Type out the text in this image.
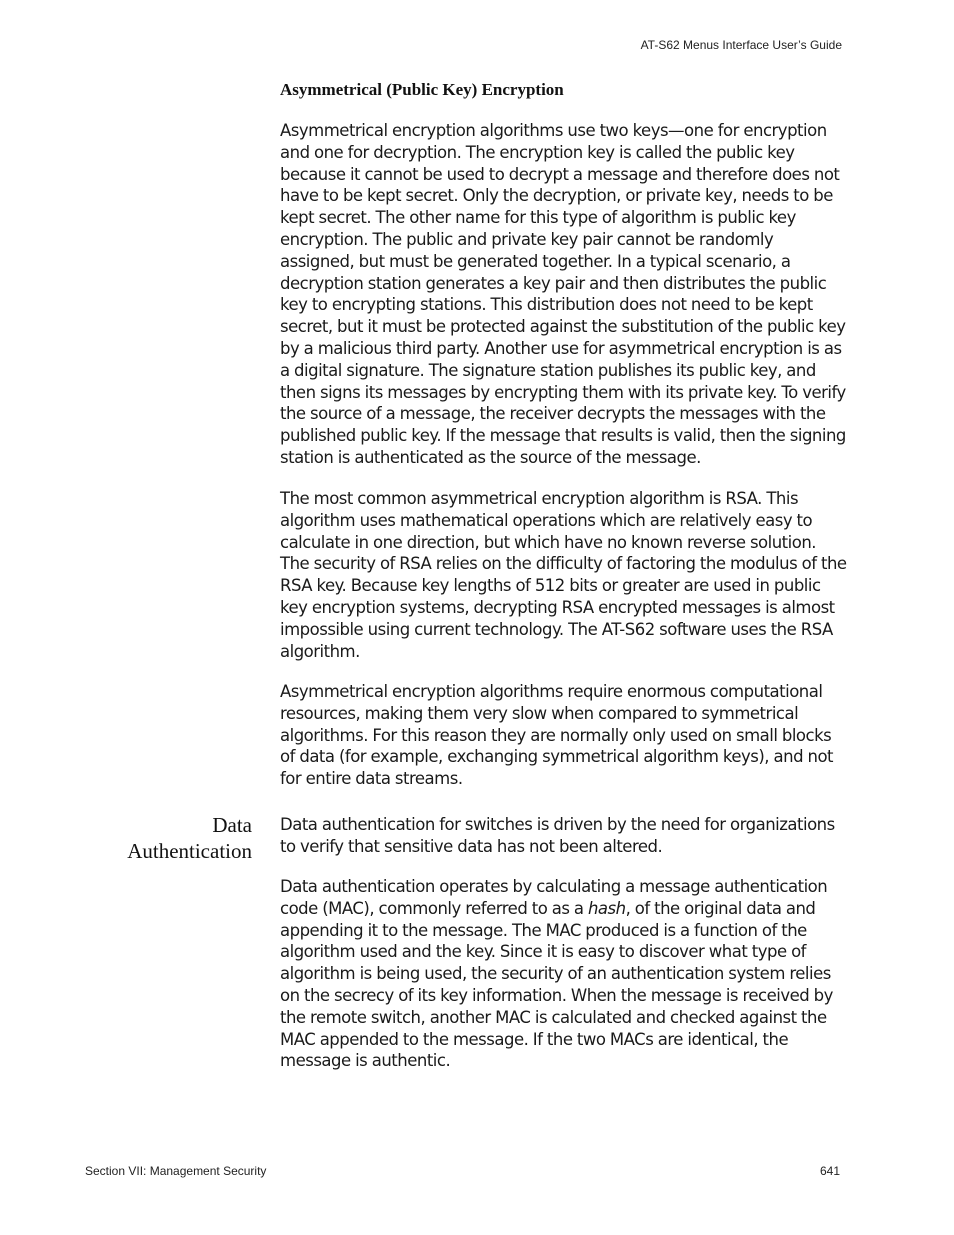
AT-S62 Menus Interface User’s Guide
Asymmetrical (Public Key) Encryption

Asymmetrical encryption algorithms use two keys—one for encryption and one for decryption. The encryption key is called the public key because it cannot be used to decrypt a message and therefore does not have to be kept secret. Only the decryption, or private key, needs to be kept secret. The other name for this type of algorithm is public key encryption. The public and private key pair cannot be randomly assigned, but must be generated together. In a typical scenario, a decryption station generates a key pair and then distributes the public key to encrypting stations. This distribution does not need to be kept secret, but it must be protected against the substitution of the public key by a malicious third party. Another use for asymmetrical encryption is as a digital signature. The signature station publishes its public key, and then signs its messages by encrypting them with its private key. To verify the source of a message, the receiver decrypts the messages with the published public key. If the message that results is valid, then the signing station is authenticated as the source of the message.

The most common asymmetrical encryption algorithm is RSA. This algorithm uses mathematical operations which are relatively easy to calculate in one direction, but which have no known reverse solution. The security of RSA relies on the difficulty of factoring the modulus of the RSA key. Because key lengths of 512 bits or greater are used in public key encryption systems, decrypting RSA encrypted messages is almost impossible using current technology. The AT-S62 software uses the RSA algorithm.

Asymmetrical encryption algorithms require enormous computational resources, making them very slow when compared to symmetrical algorithms. For this reason they are normally only used on small blocks of data (for example, exchanging symmetrical algorithm keys), and not for entire data streams.

Data
Authentication

Data authentication for switches is driven by the need for organizations to verify that sensitive data has not been altered.

Data authentication operates by calculating a message authentication code (MAC), commonly referred to as a hash, of the original data and appending it to the message. The MAC produced is a function of the algorithm used and the key. Since it is easy to discover what type of algorithm is being used, the security of an authentication system relies on the secrecy of its key information. When the message is received by the remote switch, another MAC is calculated and checked against the MAC appended to the message. If the two MACs are identical, the message is authentic.

Section VII: Management Security	641
